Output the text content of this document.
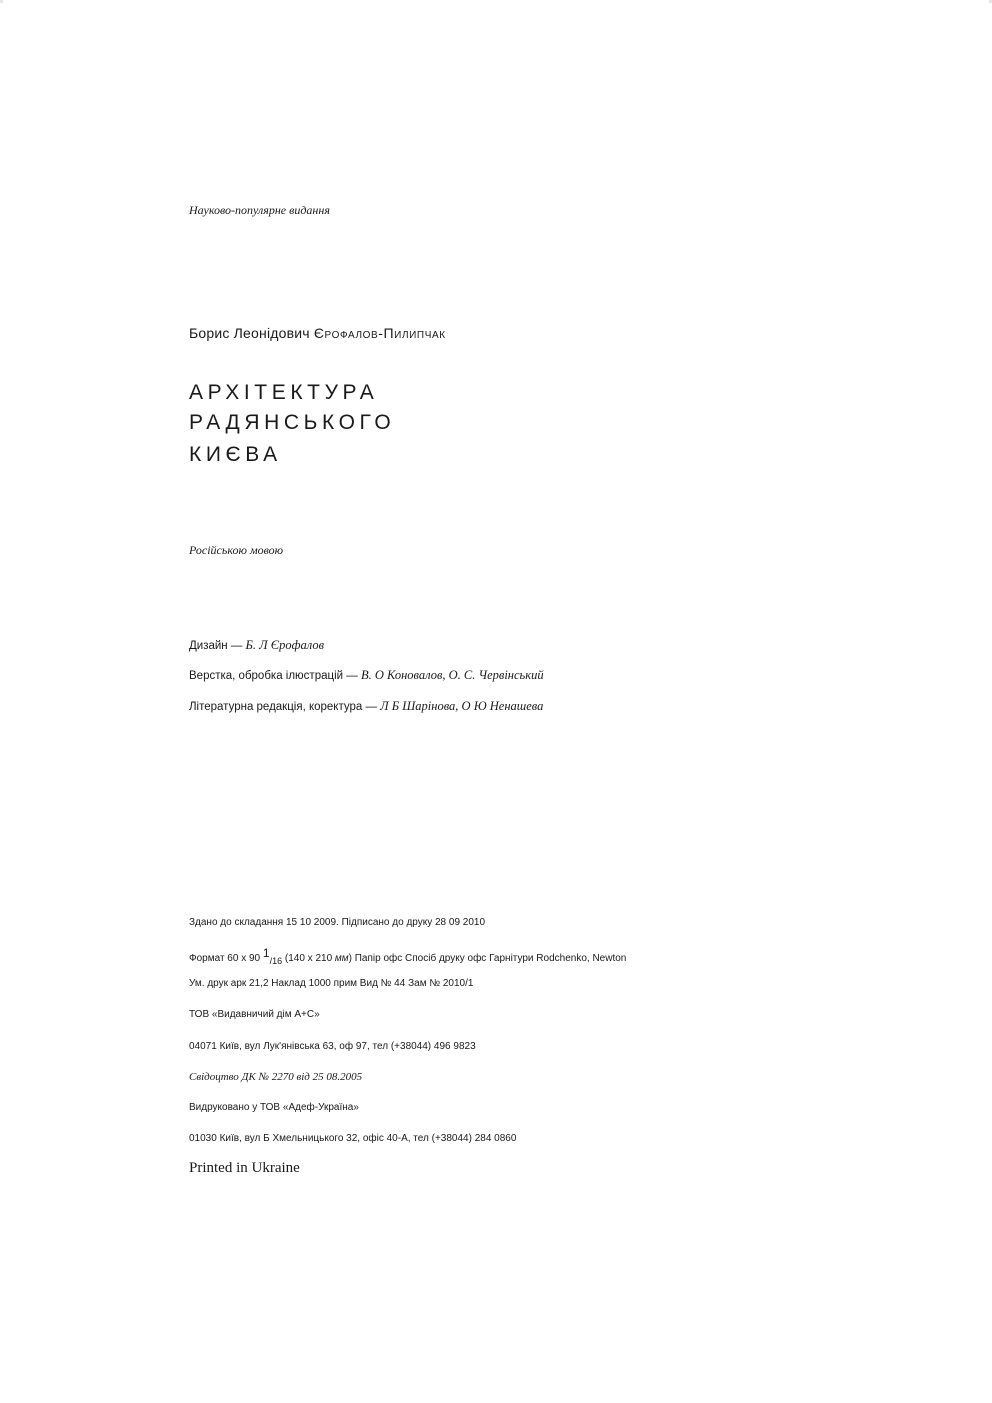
Науково-популярне видання
Борис Леонідович Єрофалов-Пилипчак
АРХІТЕКТУРА
РАДЯНСЬКОГО
КИЄВА
Російською мовою
Дизайн — Б. Л Єрофалов
Верстка, обробка ілюстрацій — В. О Коновалов, О. С. Червінський
Літературна редакція, коректура — Л Б Шарінова, О Ю Ненашева
Здано до складання 15 10 2009. Підписано до друку 28 09 2010
Формат 60 х 90 1/16 (140 х 210 мм) Папір офс Спосіб друку офс Гарнітури Rodchenko, Newton
Ум. друк арк 21,2 Наклад 1000 прим Вид № 44 Зам № 2010/1
ТОВ «Видавничий дім А+С»
04071 Київ, вул Лук'янівська 63, оф 97, тел (+38044) 496 9823
Свідоцтво ДК № 2270 від 25 08.2005
Видруковано у ТОВ «Адеф-Україна»
01030 Київ, вул Б Хмельницького 32, офіс 40-А, тел (+38044) 284 0860
Printed in Ukraine
